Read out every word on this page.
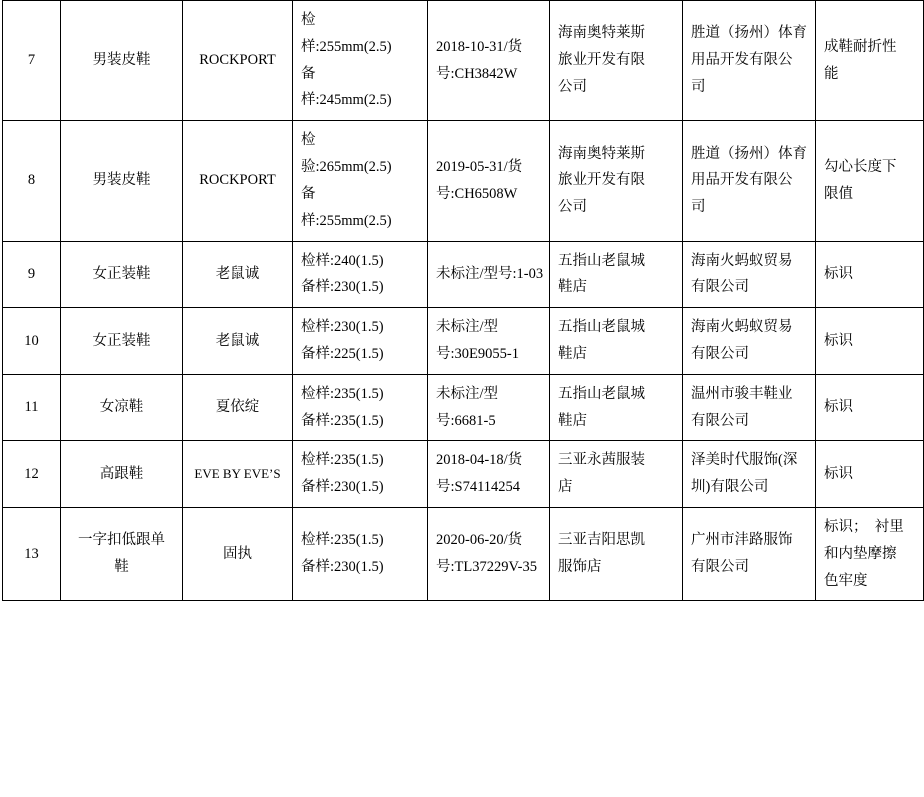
7	男装皮鞋	ROCKPORT	检
样:255mm(2.5)
备
样:245mm(2.5)	2018-10-31/货
号:CH3842W	海南奥特莱斯
旅业开发有限
公司	胜道（扬州）体育
用品开发有限公
司	成鞋耐折性
能

8	男装皮鞋	ROCKPORT	检
验:265mm(2.5)
备
样:255mm(2.5)	2019-05-31/货
号:CH6508W	海南奥特莱斯
旅业开发有限
公司	胜道（扬州）体育
用品开发有限公
司	勾心长度下
限值

9	女正装鞋	老鼠诚	检样:240(1.5)
备样:230(1.5)	未标注/型号:1-03	五指山老鼠城
鞋店	海南火蚂蚁贸易
有限公司	标识

10	女正装鞋	老鼠诚	检样:230(1.5)
备样:225(1.5)	未标注/型
号:30E9055-1	五指山老鼠城
鞋店	海南火蚂蚁贸易
有限公司	标识

11	女凉鞋	夏依绽	检样:235(1.5)
备样:235(1.5)	未标注/型
号:6681-5	五指山老鼠城
鞋店	温州市骏丰鞋业
有限公司	标识

12	高跟鞋	EVE BY EVE’S	检样:235(1.5)
备样:230(1.5)	2018-04-18/货
号:S74114254	三亚永茜服装
店	泽美时代服饰(深
圳)有限公司	标识

13	一字扣低跟单
鞋	固执	检样:235(1.5)
备样:230(1.5)	2020-06-20/货
号:TL37229V-35	三亚吉阳思凯
服饰店	广州市沣路服饰
有限公司	标识；　衬里
和内垫摩擦
色牢度
